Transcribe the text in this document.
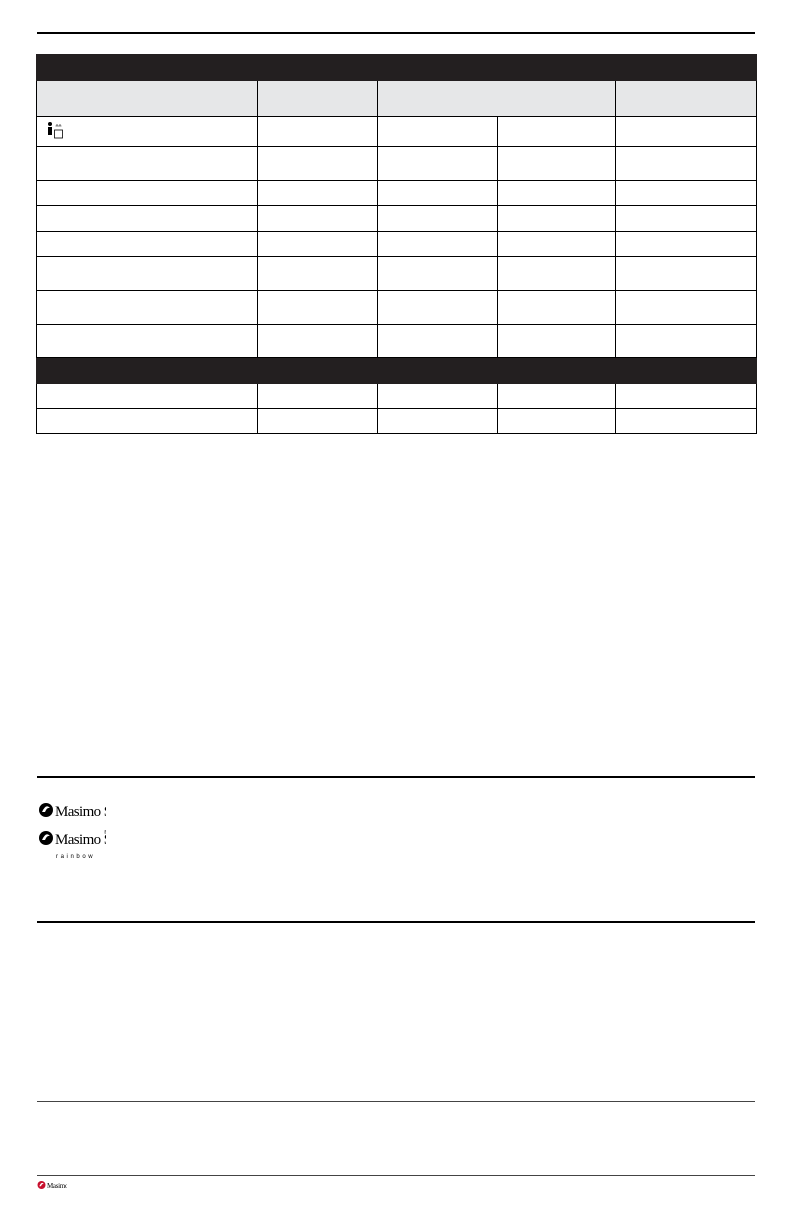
Masimo
Masimo ®
rainbow
Masimo
